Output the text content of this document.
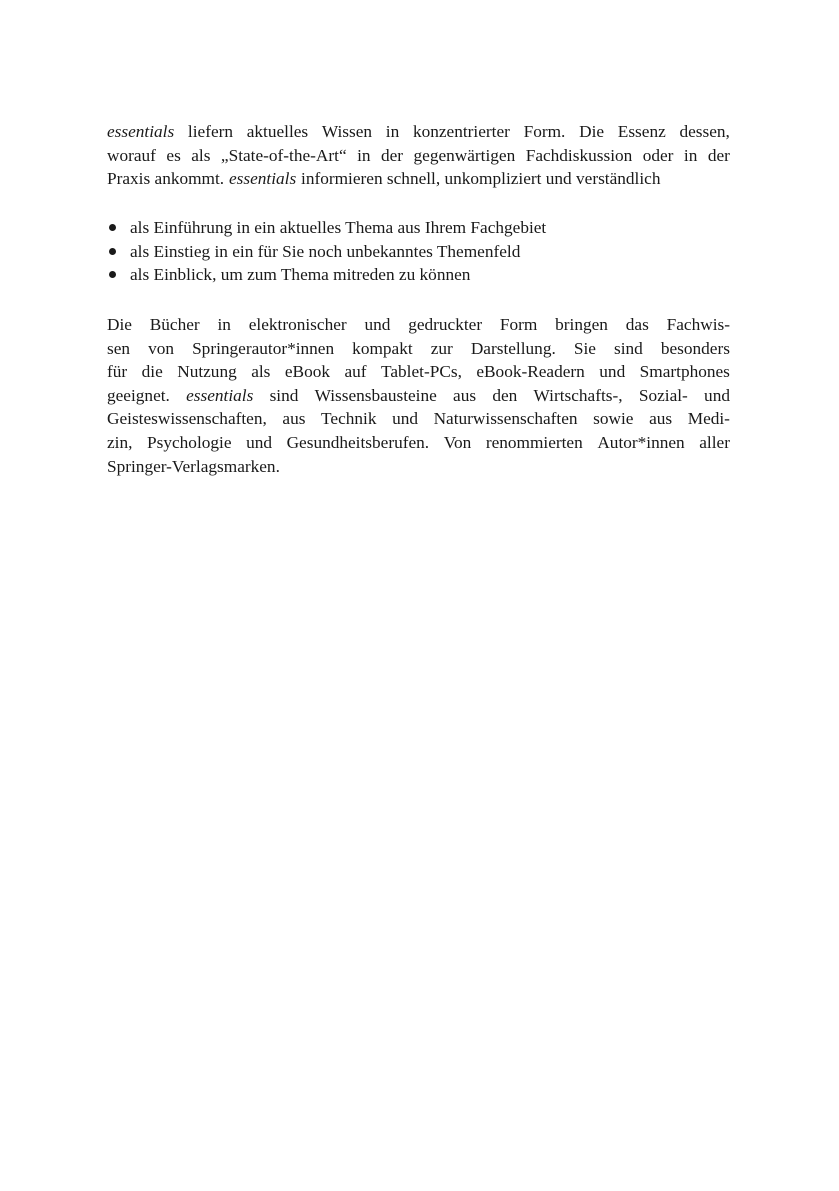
essentials liefern aktuelles Wissen in konzentrierter Form. Die Essenz dessen,
worauf es als „State-of-the-Art“ in der gegenwärtigen Fachdiskussion oder in der
Praxis ankommt. essentials informieren schnell, unkompliziert und verständlich
als Einführung in ein aktuelles Thema aus Ihrem Fachgebiet
als Einstieg in ein für Sie noch unbekanntes Themenfeld
als Einblick, um zum Thema mitreden zu können
Die Bücher in elektronischer und gedruckter Form bringen das Fachwis-
sen von Springerautor*innen kompakt zur Darstellung. Sie sind besonders
für die Nutzung als eBook auf Tablet-PCs, eBook-Readern und Smartphones
geeignet. essentials sind Wissensbausteine aus den Wirtschafts-, Sozial- und
Geisteswissenschaften, aus Technik und Naturwissenschaften sowie aus Medi-
zin, Psychologie und Gesundheitsberufen. Von renommierten Autor*innen aller
Springer-Verlagsmarken.
